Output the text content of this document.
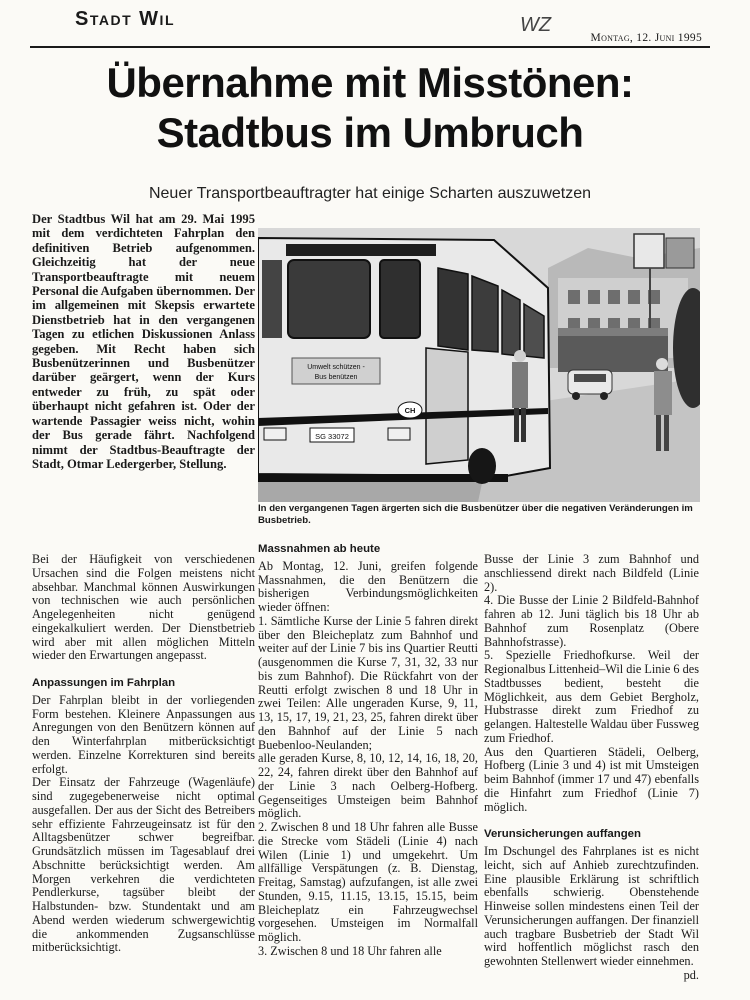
Stadt Wil	WZ
Montag, 12. Juni 1995
Übernahme mit Misstönen:
Stadtbus im Umbruch
Neuer Transportbeauftragter hat einige Scharten auszuwetzen

Der Stadtbus Wil hat am 29. Mai 1995 mit dem verdichteten Fahrplan den definitiven Betrieb aufgenommen. Gleichzeitig hat der neue Transportbeauftragte mit neuem Personal die Aufgaben übernommen. Der im allgemeinen mit Skepsis erwartete Dienstbetrieb hat in den vergangenen Tagen zu etlichen Diskussionen Anlass gegeben. Mit Recht haben sich Busbenützerinnen und Busbenützer darüber geärgert, wenn der Kurs entweder zu früh, zu spät oder überhaupt nicht gefahren ist. Oder der wartende Passagier weiss nicht, wohin der Bus gerade fährt. Nachfolgend nimmt der Stadtbus-Beauftragte der Stadt, Otmar Ledergerber, Stellung.

Umwelt schützen -
Bus benützen
SG 33072
CH
In den vergangenen Tagen ärgerten sich die Busbenützer über die negativen Veränderungen im Busbetrieb.

Bei der Häufigkeit von verschiedenen Ursachen sind die Folgen meistens nicht absehbar. Manchmal können Auswirkungen von technischen wie auch persönlichen Angelegenheiten nicht genügend eingekalkuliert werden. Der Dienstbetrieb wird aber mit allen möglichen Mitteln wieder den Erwartungen angepasst.

Anpassungen im Fahrplan

Der Fahrplan bleibt in der vorliegenden Form bestehen. Kleinere Anpassungen aus Anregungen von den Benützern können auf den Winterfahrplan mitberücksichtigt werden. Einzelne Korrekturen sind bereits erfolgt.

Der Einsatz der Fahrzeuge (Wagenläufe) sind zugegebenerweise nicht optimal ausgefallen. Der aus der Sicht des Betreibers sehr effiziente Fahrzeugeinsatz ist für den Alltagsbenützer schwer begreifbar. Grundsätzlich müssen im Tagesablauf drei Abschnitte berücksichtigt werden. Am Morgen verkehren die verdichteten Pendlerkurse, tagsüber bleibt der Halbstunden- bzw. Stundentakt und am Abend werden wiederum schwergewichtig die ankommenden Zugsanschlüsse mitberücksichtigt.

Massnahmen ab heute

Ab Montag, 12. Juni, greifen folgende Massnahmen, die den Benützern die bisherigen Verbindungsmöglichkeiten wieder öffnen:

1. Sämtliche Kurse der Linie 5 fahren direkt über den Bleicheplatz zum Bahnhof und weiter auf der Linie 7 bis ins Quartier Reutti (ausgenommen die Kurse 7, 31, 32, 33 nur bis zum Bahnhof). Die Rückfahrt von der Reutti erfolgt zwischen 8 und 18 Uhr in zwei Teilen: Alle ungeraden Kurse, 9, 11, 13, 15, 17, 19, 21, 23, 25, fahren direkt über den Bahnhof auf der Linie 5 nach Buebenloo-Neulanden;

alle geraden Kurse, 8, 10, 12, 14, 16, 18, 20, 22, 24, fahren direkt über den Bahnhof auf der Linie 3 nach Oelberg-Hofberg. Gegenseitiges Umsteigen beim Bahnhof möglich.

2. Zwischen 8 und 18 Uhr fahren alle Busse die Strecke vom Städeli (Linie 4) nach Wilen (Linie 1) und umgekehrt. Um allfällige Verspätungen (z. B. Dienstag, Freitag, Samstag) aufzufangen, ist alle zwei Stunden, 9.15, 11.15, 13.15, 15.15, beim Bleicheplatz ein Fahrzeugwechsel vorgesehen. Umsteigen im Normalfall möglich.

3. Zwischen 8 und 18 Uhr fahren alle

Busse der Linie 3 zum Bahnhof und anschliessend direkt nach Bildfeld (Linie 2).

4. Die Busse der Linie 2 Bildfeld-Bahnhof fahren ab 12. Juni täglich bis 18 Uhr ab Bahnhof zum Rosenplatz (Obere Bahnhofstrasse).

5. Spezielle Friedhofkurse. Weil der Regionalbus Littenheid–Wil die Linie 6 des Stadtbusses bedient, besteht die Möglichkeit, aus dem Gebiet Bergholz, Hubstrasse direkt zum Friedhof zu gelangen. Haltestelle Waldau über Fussweg zum Friedhof.

Aus den Quartieren Städeli, Oelberg, Hofberg (Linie 3 und 4) ist mit Umsteigen beim Bahnhof (immer 17 und 47) ebenfalls die Hinfahrt zum Friedhof (Linie 7) möglich.

Verunsicherungen auffangen

Im Dschungel des Fahrplanes ist es nicht leicht, sich auf Anhieb zurechtzufinden. Eine plausible Erklärung ist schriftlich ebenfalls schwierig. Obenstehende Hinweise sollen mindestens einen Teil der Verunsicherungen auffangen. Der finanziell auch tragbare Busbetrieb der Stadt Wil wird hoffentlich möglichst rasch den gewohnten Stellenwert wieder einnehmen.

pd.
